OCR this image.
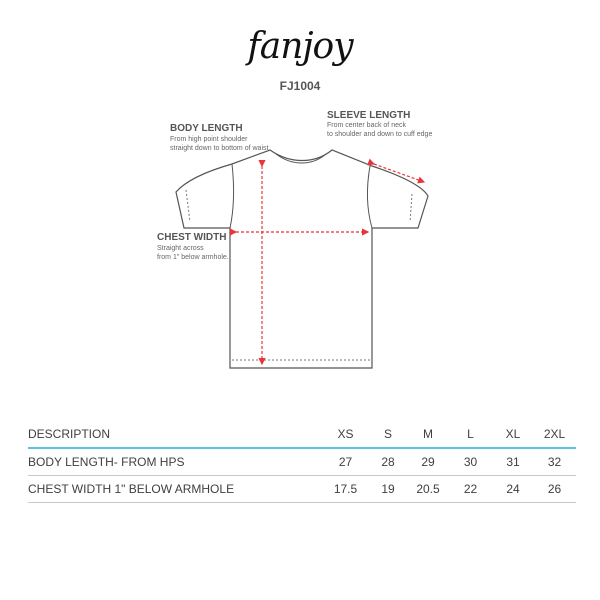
fanjoy
FJ1004
BODY LENGTH
From high point shoulder
straight down to bottom of waist
SLEEVE LENGTH
From center back of neck
to shoulder and down to cuff edge
CHEST WIDTH
Straight across
from 1" below armhole.
DESCRIPTION	XS	S	M	L	XL	2XL
BODY LENGTH- FROM HPS	27	28	29	30	31	32
CHEST WIDTH 1" BELOW ARMHOLE	17.5	19	20.5	22	24	26
